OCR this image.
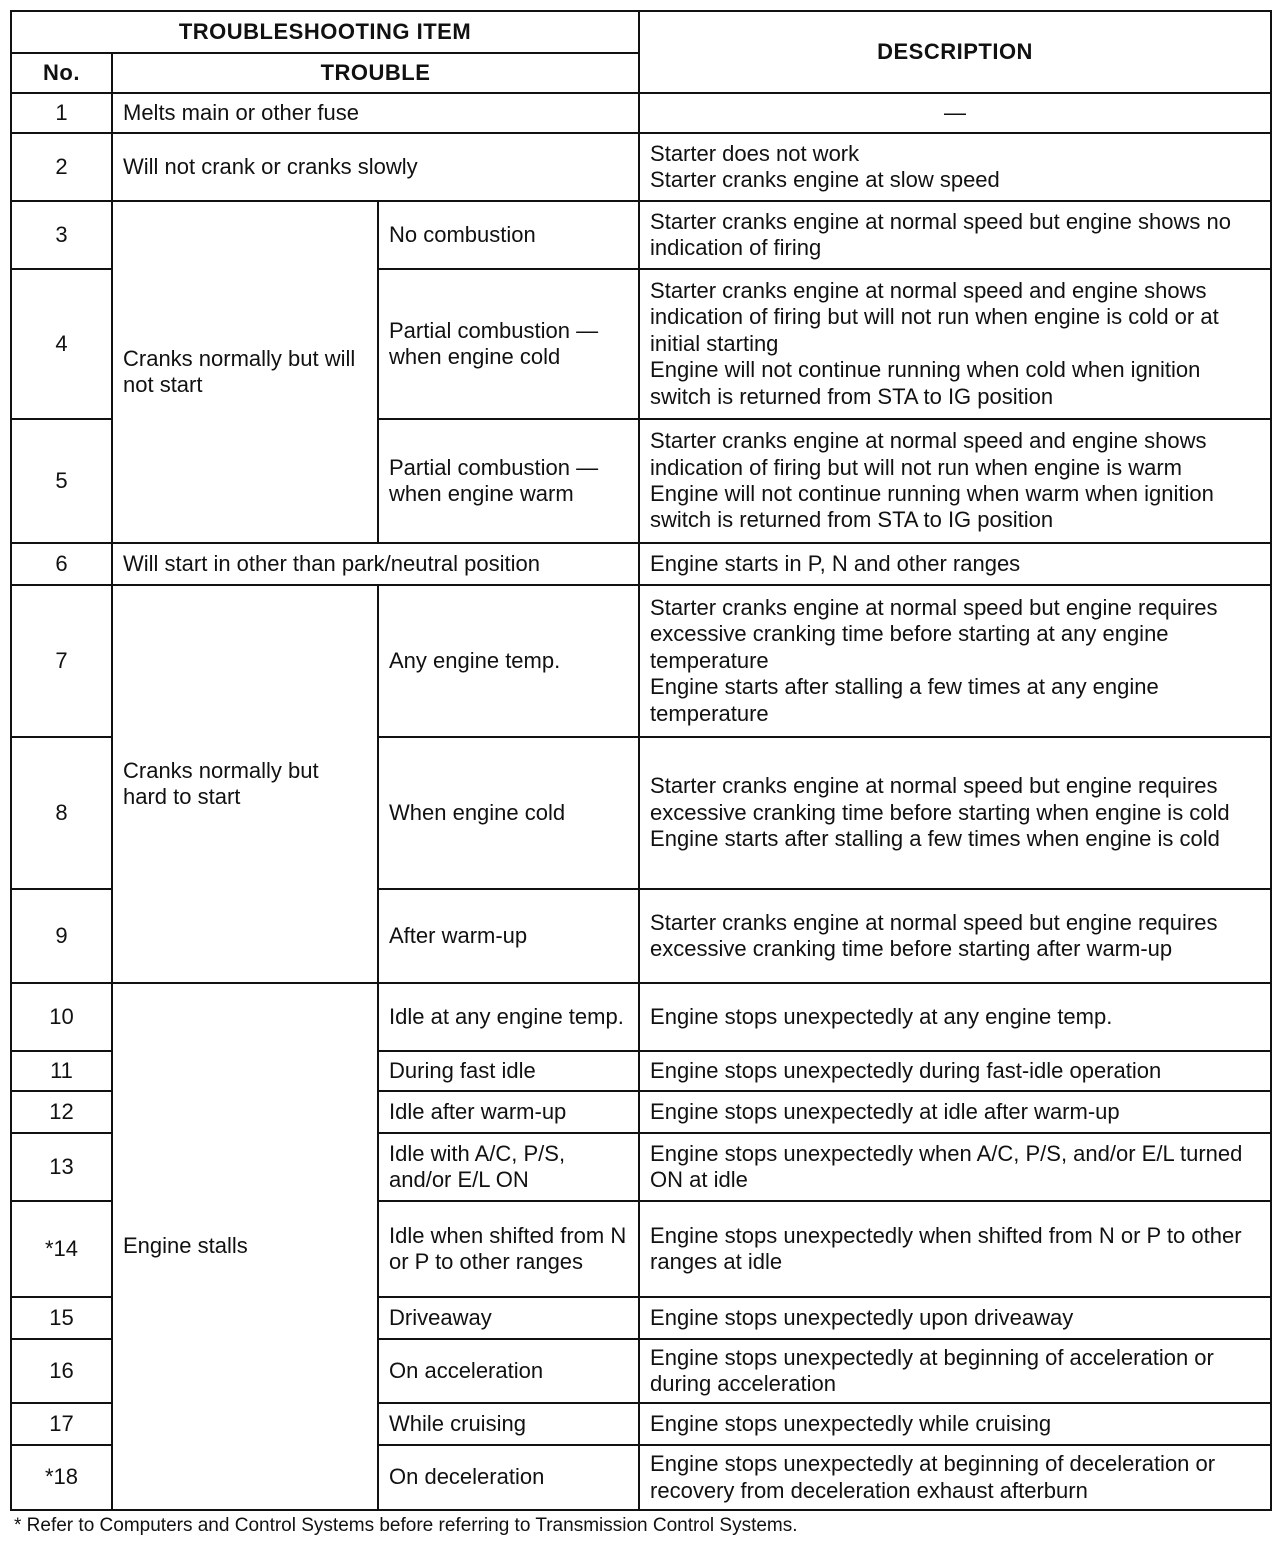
TROUBLESHOOTING ITEM			DESCRIPTION
No.	TROUBLE		
1	Melts main or other fuse		—
2	Will not crank or cranks slowly		Starter does not work
Starter cranks engine at slow speed

3	Cranks normally but will not start	No combustion	Starter cranks engine at normal speed but engine shows no indication of firing

4		Partial combustion — when engine cold	Starter cranks engine at normal speed and engine shows indication of firing but will not run when engine is cold or at initial starting
Engine will not continue running when cold when ignition switch is returned from STA to IG position

5		Partial combustion — when engine warm	Starter cranks engine at normal speed and engine shows indication of firing but will not run when engine is warm
Engine will not continue running when warm when ignition switch is returned from STA to IG position

6	Will start in other than park/neutral position		Engine starts in P, N and other ranges

7	Cranks normally but hard to start	Any engine temp.	Starter cranks engine at normal speed but engine requires excessive cranking time before starting at any engine temperature
Engine starts after stalling a few times at any engine temperature

8		When engine cold	Starter cranks engine at normal speed but engine requires excessive cranking time before starting when engine is cold
Engine starts after stalling a few times when engine is cold

9		After warm-up	Starter cranks engine at normal speed but engine requires excessive cranking time before starting after warm-up

10	Engine stalls	Idle at any engine temp.	Engine stops unexpectedly at any engine temp.

11		During fast idle	Engine stops unexpectedly during fast-idle operation

12		Idle after warm-up	Engine stops unexpectedly at idle after warm-up

13		Idle with A/C, P/S, and/or E/L ON	Engine stops unexpectedly when A/C, P/S, and/or E/L turned ON at idle

*14		Idle when shifted from N or P to other ranges	Engine stops unexpectedly when shifted from N or P to other ranges at idle

15		Driveaway	Engine stops unexpectedly upon driveaway

16		On acceleration	Engine stops unexpectedly at beginning of acceleration or during acceleration

17		While cruising	Engine stops unexpectedly while cruising

*18		On deceleration	Engine stops unexpectedly at beginning of deceleration or recovery from deceleration exhaust afterburn
* Refer to Computers and Control Systems before referring to Transmission Control Systems.
